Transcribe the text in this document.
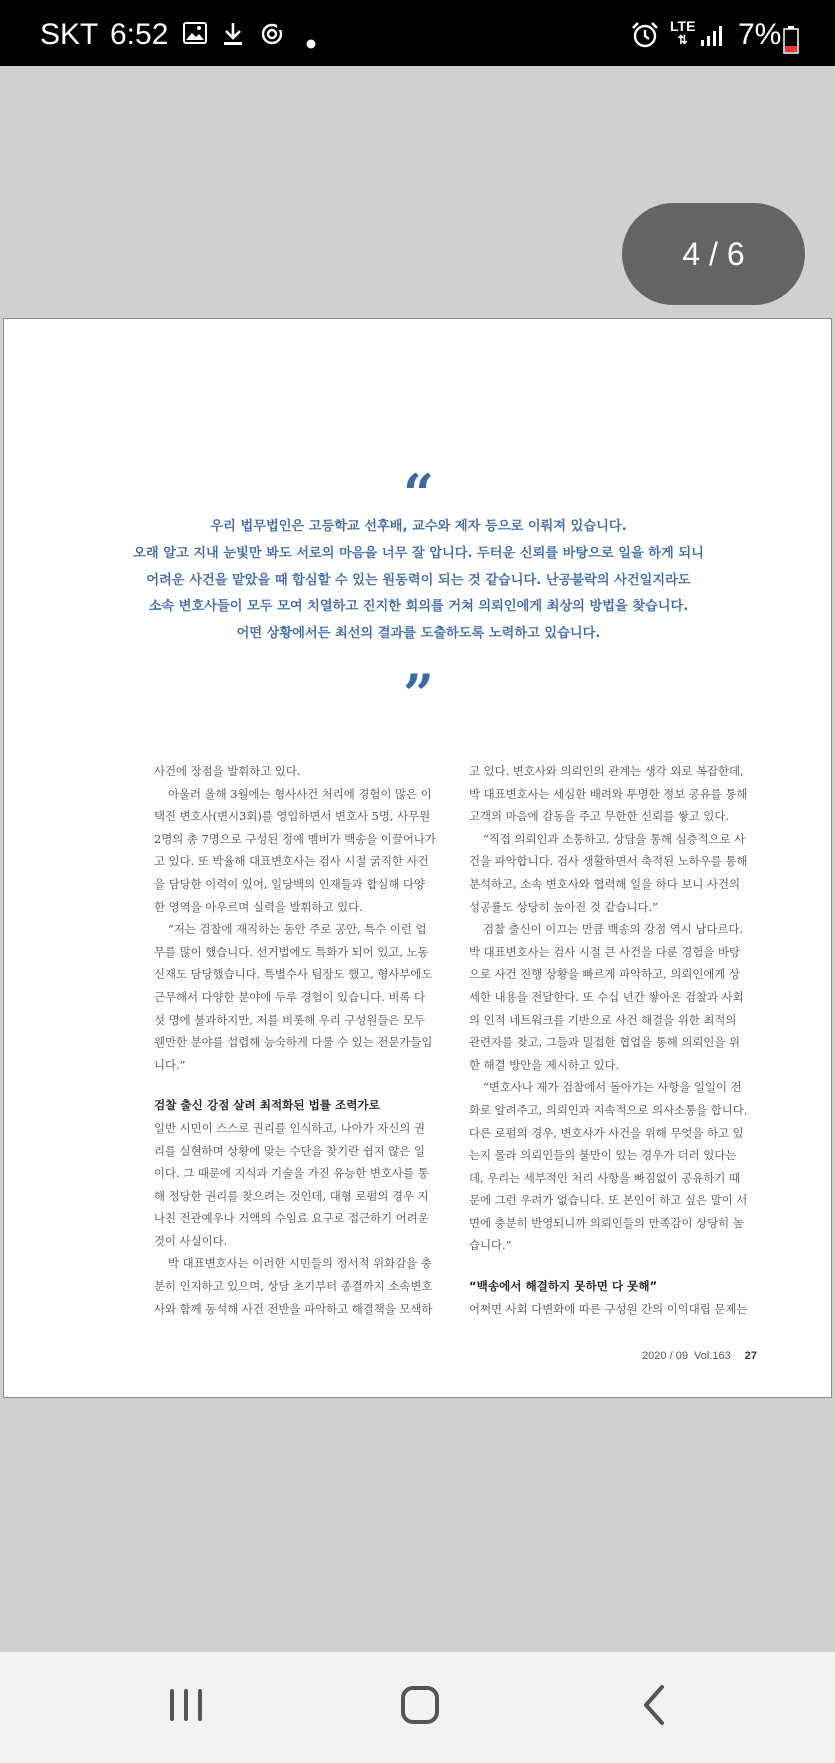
SKT 6:52	LTE
⇅ 7%
4 / 6
“

우리 법무법인은 고등학교 선후배, 교수와 제자 등으로 이뤄져 있습니다.

오래 알고 지내 눈빛만 봐도 서로의 마음을 너무 잘 압니다. 두터운 신뢰를 바탕으로 일을 하게 되니

어려운 사건을 맡았을 때 합심할 수 있는 원동력이 되는 것 같습니다. 난공불락의 사건일지라도

소속 변호사들이 모두 모여 치열하고 진지한 회의를 거쳐 의뢰인에게 최상의 방법을 찾습니다.

어떤 상황에서든 최선의 결과를 도출하도록 노력하고 있습니다.

”

사건에 장점을 발휘하고 있다.

아울러 올해 3월에는 형사사건 처리에 경험이 많은 이

택진 변호사(변시3회)를 영입하면서 변호사 5명, 사무원

2명의 총 7명으로 구성된 정예 멤버가 백송을 이끌어나가

고 있다. 또 박율해 대표변호사는 검사 시절 굵직한 사건

을 담당한 이력이 있어, 일당백의 인재들과 합심해 다양

한 영역을 아우르며 실력을 발휘하고 있다.

“저는 검찰에 재직하는 동안 주로 공안, 특수 이런 업

무를 많이 했습니다. 선거법에도 특화가 되어 있고, 노동

신재도 담당했습니다. 특별수사 팀장도 했고, 형사부에도

근무해서 다양한 분야에 두루 경험이 있습니다. 비록 다

섯 명에 불과하지만, 저를 비롯해 우리 구성원들은 모두

웬만한 분야를 섭렵해 능숙하게 다룰 수 있는 전문가들입

니다.”

검찰 출신 강점 살려 최적화된 법률 조력가로

일반 시민이 스스로 권리를 인식하고, 나아가 자신의 권

리를 실현하며 상황에 맞는 수단을 찾기란 쉽지 않은 일

이다. 그 때문에 지식과 기술을 가진 유능한 변호사를 통

해 정당한 권리를 찾으려는 것인데, 대형 로펌의 경우 지

나친 전관예우나 거액의 수임료 요구로 접근하기 어려운

것이 사실이다.

박 대표변호사는 이러한 시민들의 정서적 위화감을 충

분히 인지하고 있으며, 상담 초기부터 종결까지 소속변호

사와 함께 동석해 사건 전반을 파악하고 해결책을 모색하

고 있다. 변호사와 의뢰인의 관계는 생각 외로 복잡한데,

박 대표변호사는 세심한 배려와 투명한 정보 공유를 통해

고객의 마음에 감동을 주고 무한한 신뢰를 쌓고 있다.

“직접 의뢰인과 소통하고, 상담을 통해 심층적으로 사

건을 파악합니다. 검사 생활하면서 축적된 노하우를 통해

분석하고, 소속 변호사와 협력해 일을 하다 보니 사건의

성공률도 상당히 높아진 것 같습니다.”

검찰 출신이 이끄는 만큼 백송의 강점 역시 남다르다.

박 대표변호사는 검사 시절 큰 사건을 다룬 경험을 바탕

으로 사건 진행 상황을 빠르게 파악하고, 의뢰인에게 상

세한 내용을 전달한다. 또 수십 년간 쌓아온 검찰과 사회

의 인적 네트워크를 기반으로 사건 해결을 위한 최적의

관련자를 찾고, 그들과 밀접한 협업을 통해 의뢰인을 위

한 해결 방안을 제시하고 있다.

“변호사나 제가 검찰에서 돌아가는 사항을 일일이 전

화로 알려주고, 의뢰인과 지속적으로 의사소통을 합니다.

다른 로펌의 경우, 변호사가 사건을 위해 무엇을 하고 있

는지 몰라 의뢰인들의 불만이 있는 경우가 더러 있다는

데, 우리는 세부적인 처리 사항을 빠짐없이 공유하기 때

문에 그런 우려가 없습니다. 또 본인이 하고 싶은 말이 서

면에 충분히 반영되니까 의뢰인들의 만족감이 상당히 높

습니다.”

“백송에서 해결하지 못하면 다 못해”

어쩌면 사회 다변화에 따른 구성원 간의 이익대립 문제는

2020 / 09  Vol.163 27
